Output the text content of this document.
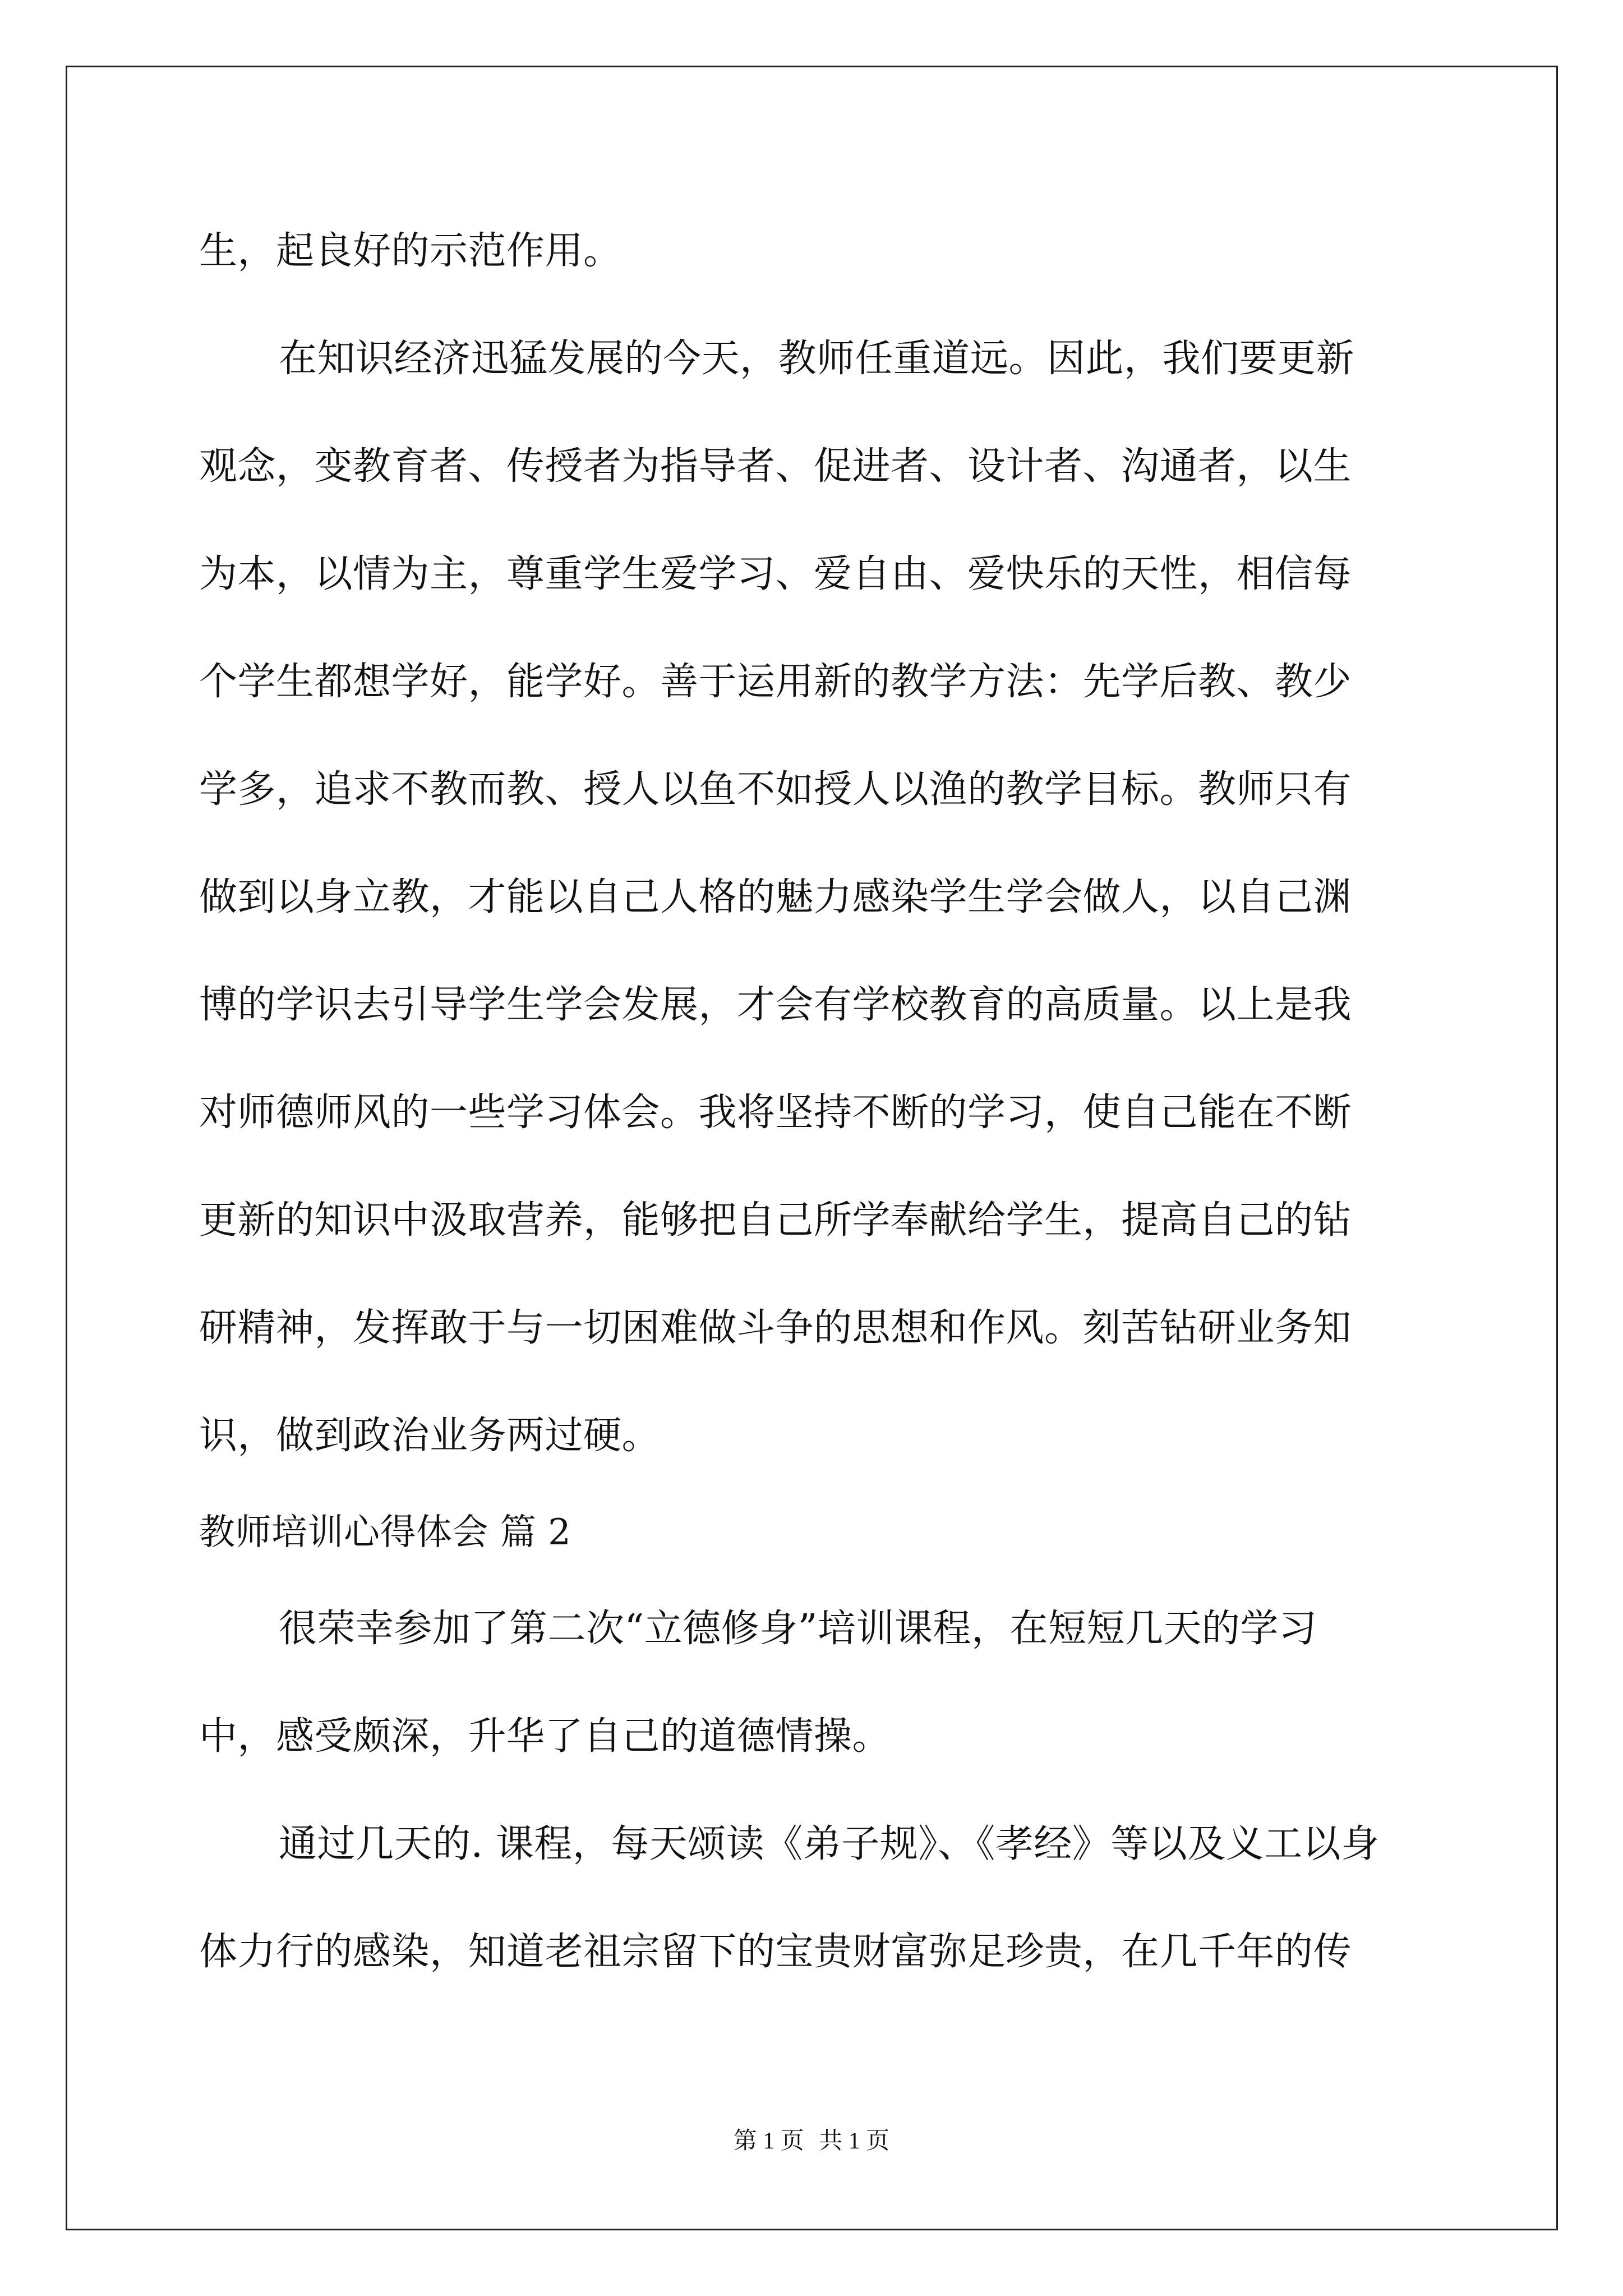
生，起良好的示范作用。
在知识经济迅猛发展的今天，教师任重道远。因此，我们要更新
观念，变教育者、传授者为指导者、促进者、设计者、沟通者，以生
为本，以情为主，尊重学生爱学习、爱自由、爱快乐的天性，相信每
个学生都想学好，能学好。善于运用新的教学方法：先学后教、教少
学多，追求不教而教、授人以鱼不如授人以渔的教学目标。教师只有
做到以身立教，才能以自己人格的魅力感染学生学会做人，以自己渊
博的学识去引导学生学会发展，才会有学校教育的高质量。以上是我
对师德师风的一些学习体会。我将坚持不断的学习，使自己能在不断
更新的知识中汲取营养，能够把自己所学奉献给学生，提高自己的钻
研精神，发挥敢于与一切困难做斗争的思想和作风。刻苦钻研业务知
识，做到政治业务两过硬。
教师培训心得体会 篇 2
很荣幸参加了第二次“立德修身”培训课程，在短短几天的学习
中，感受颇深，升华了自己的道德情操。
通过几天的. 课程，每天颂读《弟子规》、《孝经》等以及义工以身
体力行的感染，知道老祖宗留下的宝贵财富弥足珍贵，在几千年的传
第 1 页 共 1 页
